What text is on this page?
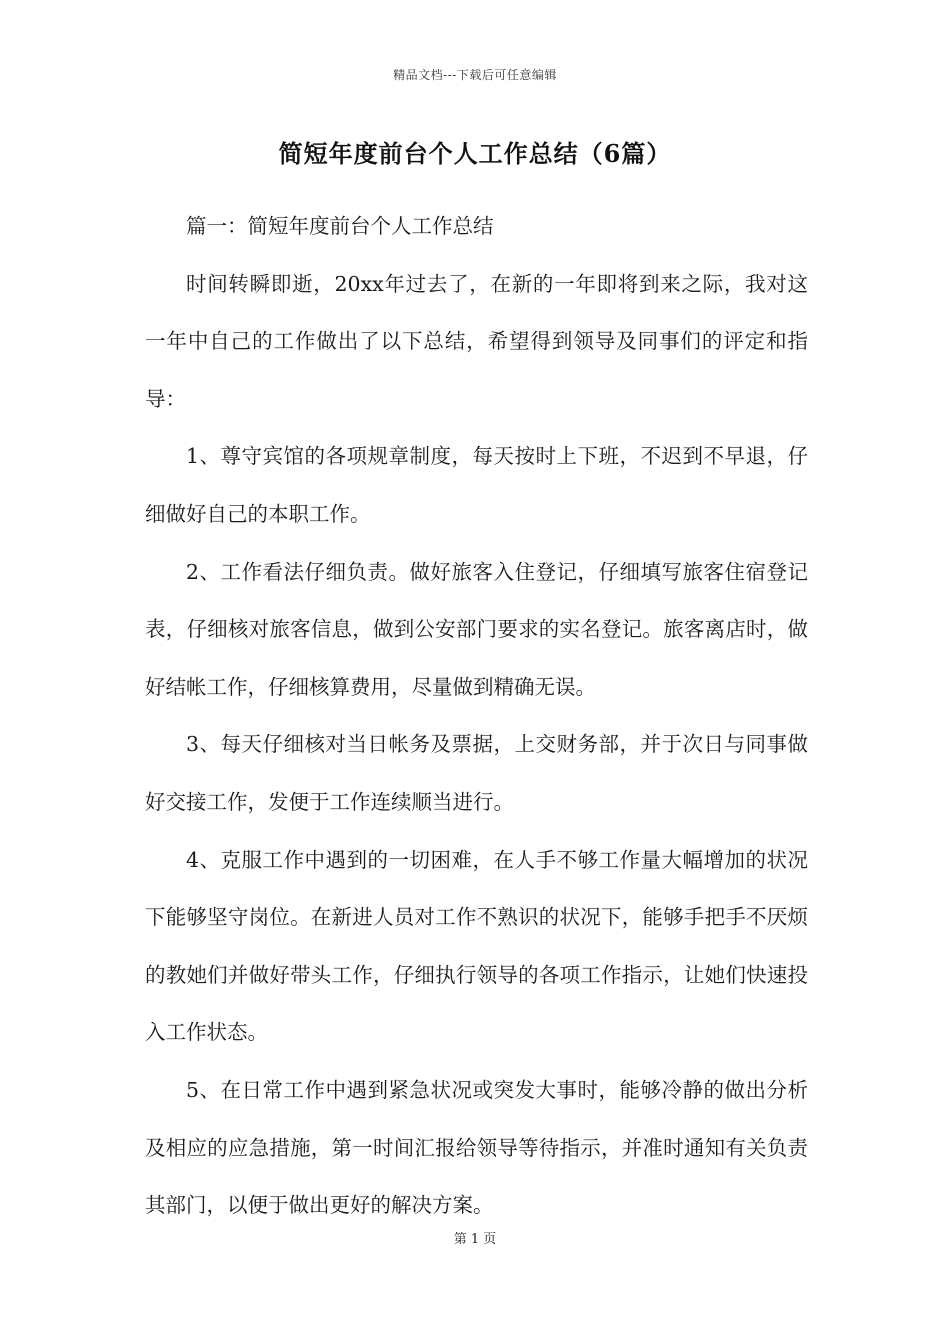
精品文档---下载后可任意编辑
简短年度前台个人工作总结（6篇）

篇一：简短年度前台个人工作总结

时间转瞬即逝，20xx年过去了，在新的一年即将到来之际，我对这一年中自己的工作做出了以下总结，希望得到领导及同事们的评定和指导：

1、尊守宾馆的各项规章制度，每天按时上下班，不迟到不早退，仔细做好自己的本职工作。

2、工作看法仔细负责。做好旅客入住登记，仔细填写旅客住宿登记表，仔细核对旅客信息，做到公安部门要求的实名登记。旅客离店时，做好结帐工作，仔细核算费用，尽量做到精确无误。

3、每天仔细核对当日帐务及票据，上交财务部，并于次日与同事做好交接工作，发便于工作连续顺当进行。

4、克服工作中遇到的一切困难，在人手不够工作量大幅增加的状况下能够坚守岗位。在新进人员对工作不熟识的状况下，能够手把手不厌烦的教她们并做好带头工作，仔细执行领导的各项工作指示，让她们快速投入工作状态。

5、在日常工作中遇到紧急状况或突发大事时，能够冷静的做出分析及相应的应急措施，第一时间汇报给领导等待指示，并准时通知有关负责其部门，以便于做出更好的解决方案。

第 1 页
